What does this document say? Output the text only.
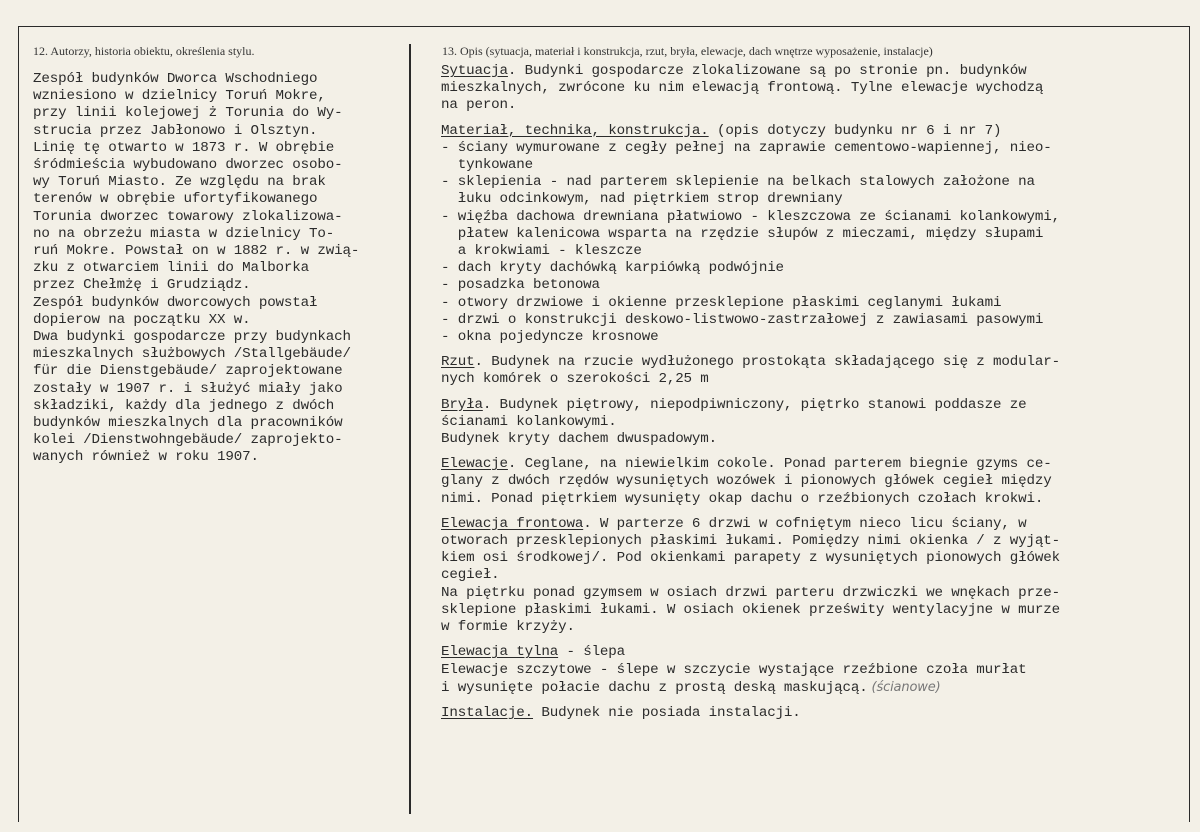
12. Autorzy, historia obiektu, określenia stylu.	13. Opis (sytuacja, materiał i konstrukcja, rzut, bryła, elewacje, dach wnętrze wyposażenie, instalacje)
Zespół budynków Dworca Wschodniego
wzniesiono w dzielnicy Toruń Mokre,
przy linii kolejowej ż Torunia do Wy-
strucia przez Jabłonowo i Olsztyn.
Linię tę otwarto w 1873 r. W obrębie
śródmieścia wybudowano dworzec osobo-
wy Toruń Miasto. Ze względu na brak
terenów w obrębie ufortyfikowanego
Torunia dworzec towarowy zlokalizowa-
no na obrzeżu miasta w dzielnicy To-
ruń Mokre. Powstał on w 1882 r. w zwią-
zku z otwarciem linii do Malborka
przez Chełmżę i Grudziądz.
Zespół budynków dworcowych powstał
dopierow na początku XX w.
Dwa budynki gospodarcze przy budynkach
mieszkalnych służbowych /Stallgebäude/
für die Dienstgebäude/ zaprojektowane
zostały w 1907 r. i służyć miały jako
składziki, każdy dla jednego z dwóch
budynków mieszkalnych dla pracowników
kolei /Dienstwohngebäude/ zaprojekto-
wanych również w roku 1907.
Sytuacja. Budynki gospodarcze zlokalizowane są po stronie pn. budynków
mieszkalnych, zwrócone ku nim elewacją frontową. Tylne elewacje wychodzą
na peron.
Materiał, technika, konstrukcja. (opis dotyczy budynku nr 6 i nr 7)
- ściany wymurowane z cegły pełnej na zaprawie cementowo-wapiennej, nieo-
tynkowane
- sklepienia - nad parterem sklepienie na belkach stalowych założone na
łuku odcinkowym, nad piętrkiem strop drewniany
- więźba dachowa drewniana płatwiowo - kleszczowa ze ścianami kolankowymi,
płatew kalenicowa wsparta na rzędzie słupów z mieczami, między słupami
a krokwiami - kleszcze
- dach kryty dachówką karpiówką podwójnie
- posadzka betonowa
- otwory drzwiowe i okienne przesklepione płaskimi ceglanymi łukami
- drzwi o konstrukcji deskowo-listwowo-zastrzałowej z zawiasami pasowymi
- okna pojedyncze krosnowe
Rzut. Budynek na rzucie wydłużonego prostokąta składającego się z modular-
nych komórek o szerokości 2,25 m
Bryła. Budynek piętrowy, niepodpiwniczony, piętrko stanowi poddasze ze
ścianami kolankowymi.
Budynek kryty dachem dwuspadowym.
Elewacje. Ceglane, na niewielkim cokole. Ponad parterem biegnie gzyms ce-
glany z dwóch rzędów wysuniętych wozówek i pionowych główek cegieł między
nimi. Ponad piętrkiem wysunięty okap dachu o rzeźbionych czołach krokwi.
Elewacja frontowa. W parterze 6 drzwi w cofniętym nieco licu ściany, w
otworach przesklepionych płaskimi łukami. Pomiędzy nimi okienka / z wyjąt-
kiem osi środkowej/. Pod okienkami parapety z wysuniętych pionowych główek
cegieł.
Na piętrku ponad gzymsem w osiach drzwi parteru drzwiczki we wnękach prze-
sklepione płaskimi łukami. W osiach okienek prześwity wentylacyjne w murze
w formie krzyży.
Elewacja tylna - ślepa
Elewacje szczytowe - ślepe w szczycie wystające rzeźbione czoła murłat
i wysunięte połacie dachu z prostą deską maskującą. (ścianowe)
Instalacje. Budynek nie posiada instalacji.
